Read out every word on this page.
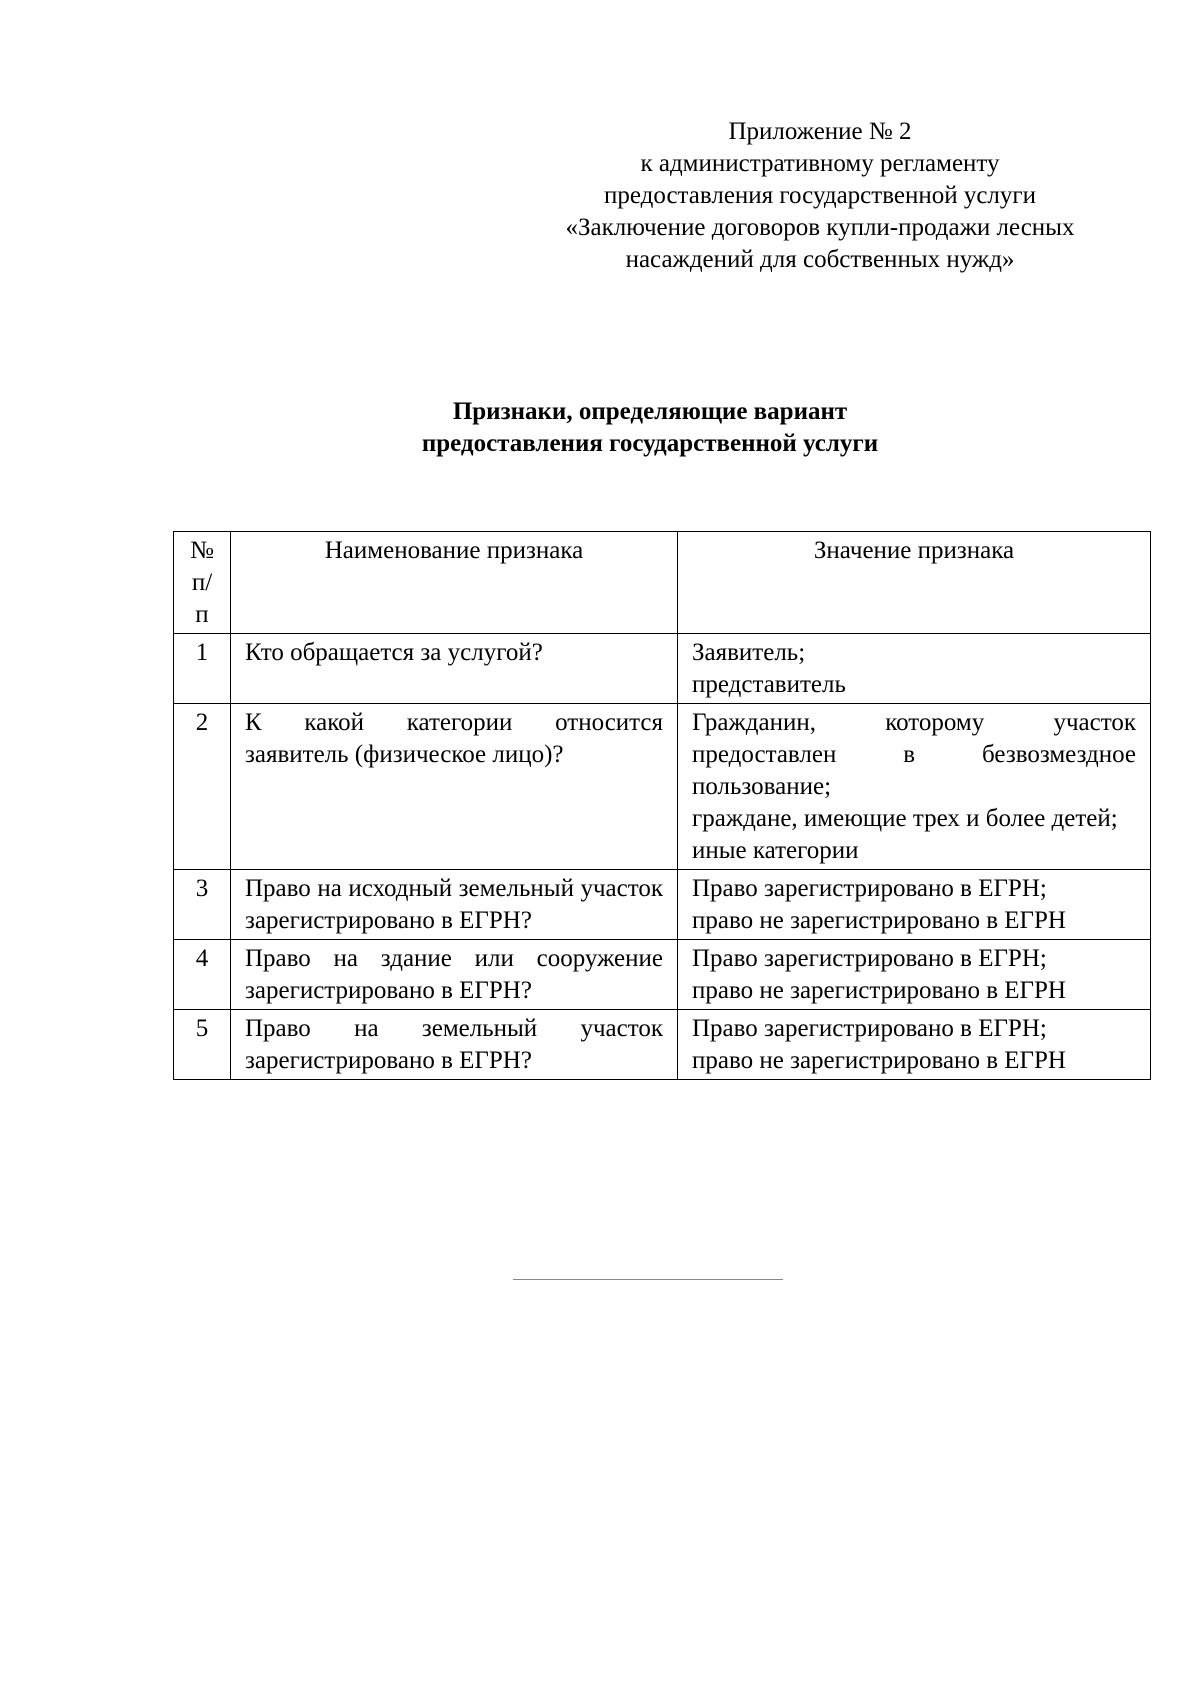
Приложение № 2
к административному регламенту
предоставления государственной услуги
«Заключение договоров купли-продажи лесных
насаждений для собственных нужд»
Признаки, определяющие вариант
предоставления государственной услуги
№
п/п	Наименование признака	Значение признака
1	Кто обращается за услугой?	Заявитель;
представитель

2	К какой категории относится заявитель (физическое лицо)?	Гражданин, которому участок предоставлен в безвозмездное пользование;
граждане, имеющие трех и более детей;
иные категории

3	Право на исходный земельный участок зарегистрировано в ЕГРН?	Право зарегистрировано в ЕГРН;
право не зарегистрировано в ЕГРН

4	Право на здание или сооружение зарегистрировано в ЕГРН?	Право зарегистрировано в ЕГРН;
право не зарегистрировано в ЕГРН

5	Право на земельный участок зарегистрировано в ЕГРН?	Право зарегистрировано в ЕГРН;
право не зарегистрировано в ЕГРН
